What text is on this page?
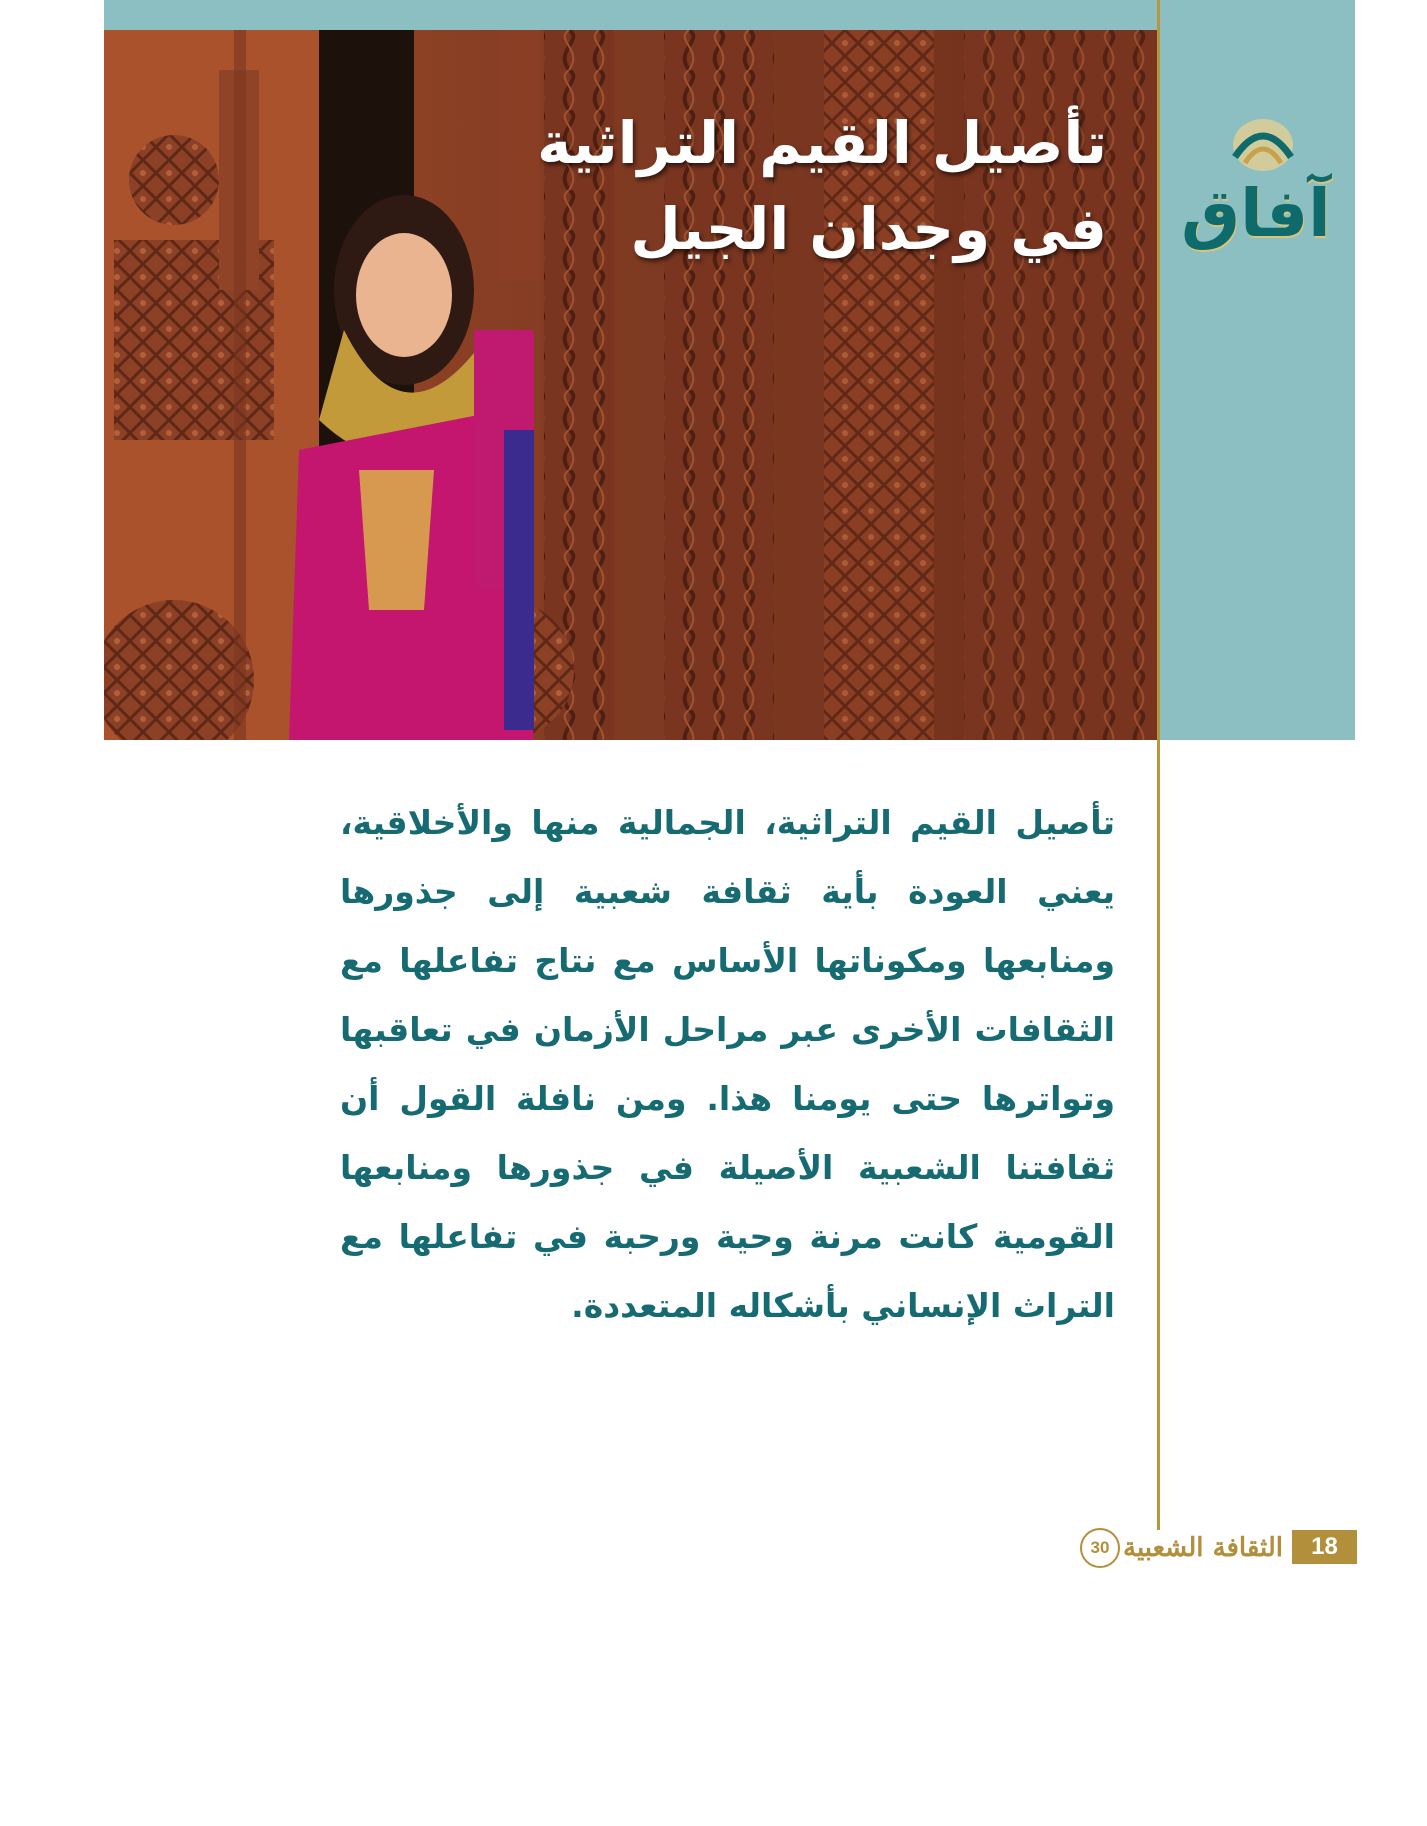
تأصيل القيم التراثية
في وجدان الجيل آفاق
تأصيل القيم التراثية، الجمالية منها والأخلاقية، يعني العودة بأية ثقافة شعبية إلى جذورها ومنابعها ومكوناتها الأساس مع نتاج تفاعلها مع الثقافات الأخرى عبر مراحل الأزمان في تعاقبها وتواترها حتى يومنا هذا. ومن نافلة القول أن ثقافتنا الشعبية الأصيلة في جذورها ومنابعها القومية كانت مرنة وحية ورحبة في تفاعلها مع التراث الإنساني بأشكاله المتعددة.
30 الثقافة الشعبية	18
